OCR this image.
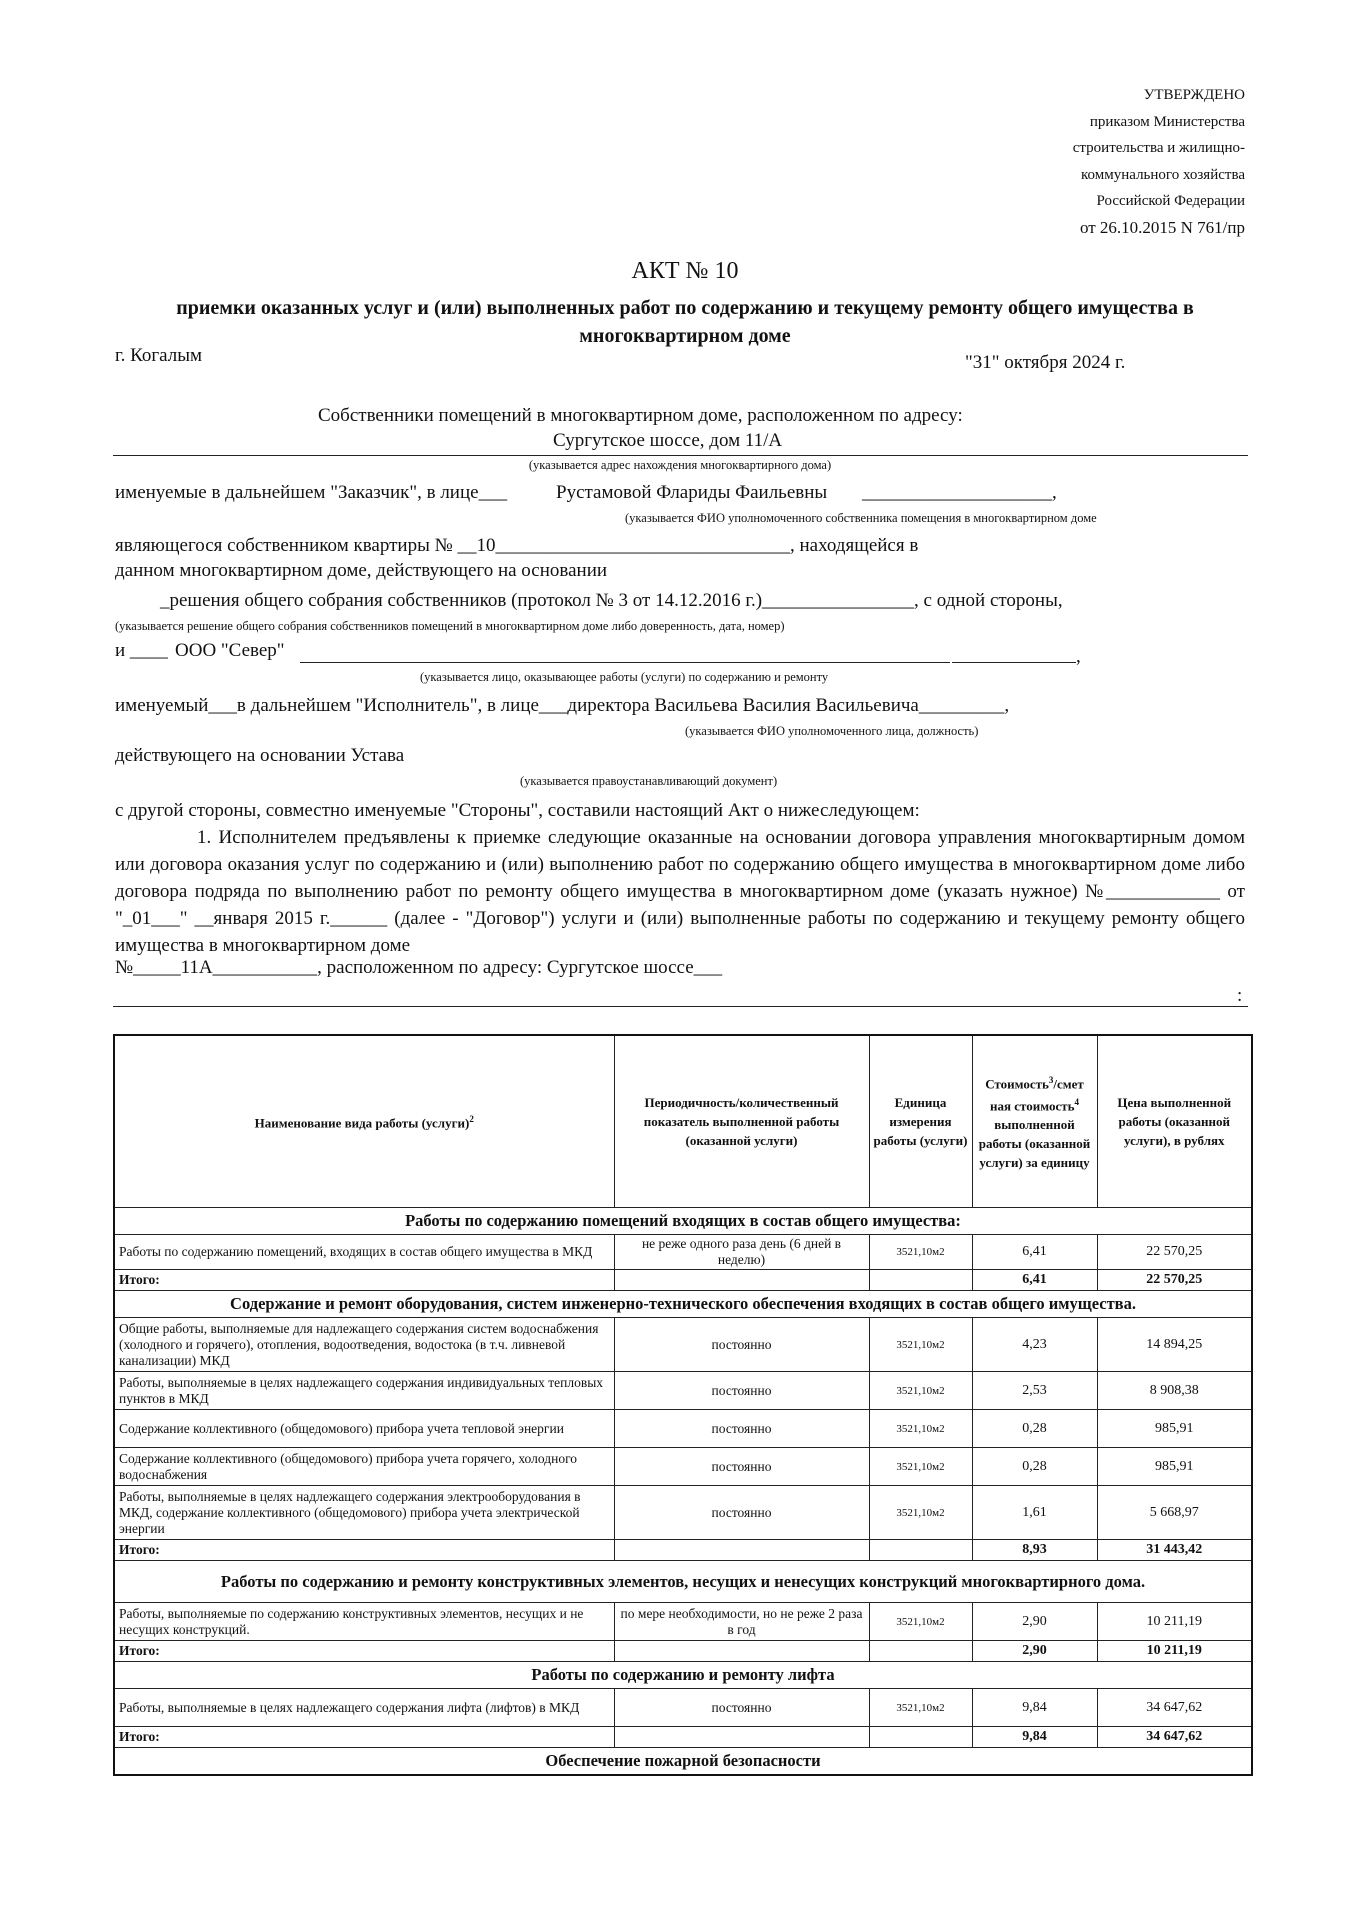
УТВЕРЖДЕНО
приказом Министерства
строительства и жилищно-
коммунального хозяйства
Российской Федерации
от 26.10.2015 N 761/пр
АКТ № 10
приемки оказанных услуг и (или) выполненных работ по содержанию и текущему ремонту общего имущества в многоквартирном доме
г. Когалым	"31" октября 2024 г.
Собственники помещений в многоквартирном доме, расположенном по адресу:
Сургутское шоссе, дом 11/А
(указывается адрес нахождения многоквартирного дома)
именуемые в дальнейшем "Заказчик", в лице___	Рустамовой Флариды Фаильевны ____________________,
(указывается ФИО уполномоченного собственника помещения в многоквартирном доме
являющегося собственником квартиры № __10_______________________________, находящейся в
данном многоквартирном доме, действующего на основании
_решения общего собрания собственников (протокол № 3 от 14.12.2016 г.)________________, с одной стороны,
(указывается решение общего собрания собственников помещений в многоквартирном доме либо доверенность, дата, номер)
и ____ ООО "Север"	,
(указывается лицо, оказывающее работы (услуги) по содержанию и ремонту
именуемый___в дальнейшем "Исполнитель", в лице___директора Васильева Василия Васильевича_________,
(указывается ФИО уполномоченного лица, должность)
действующего на основании Устава
(указывается правоустанавливающий документ)
с другой стороны, совместно именуемые "Стороны", составили настоящий Акт о нижеследующем:
1. Исполнителем предъявлены к приемке следующие оказанные на основании договора управления многоквартирным домом или договора оказания услуг по содержанию и (или) выполнению работ по содержанию общего имущества в многоквартирном доме либо договора подряда по выполнению работ по ремонту общего имущества в многоквартирном доме (указать нужное) №____________ от "_01___" __января 2015 г.______ (далее - "Договор") услуги и (или) выполненные работы по содержанию и текущему ремонту общего имущества в многоквартирном доме
№_____11А___________, расположенном по адресу: Сургутское шоссе___
:
Наименование вида работы (услуги)$^2$	Периодичность/количественный показатель выполненной работы (оказанной услуги)	Единица измерения работы (услуги)	Стоимость$^3$/смет ная стоимость$^4$ выполненной работы (оказанной услуги) за единицу	Цена выполненной работы (оказанной услуги), в рублях
Работы по содержанию помещений входящих в состав общего имущества:				
Работы по содержанию помещений, входящих в состав общего имущества в МКД	не реже одного раза день (6 дней в неделю)	3521,10м2	6,41	22 570,25
Итого:			6,41	22 570,25
Содержание и ремонт оборудования, систем инженерно-технического обеспечения входящих в состав общего имущества.				
Общие работы, выполняемые для надлежащего содержания систем водоснабжения (холодного и горячего), отопления, водоотведения, водостока (в т.ч. ливневой канализации) МКД	постоянно	3521,10м2	4,23	14 894,25
Работы, выполняемые в целях надлежащего содержания индивидуальных тепловых пунктов в МКД	постоянно	3521,10м2	2,53	8 908,38
Содержание коллективного (общедомового) прибора учета тепловой энергии	постоянно	3521,10м2	0,28	985,91
Содержание коллективного (общедомового) прибора учета горячего, холодного водоснабжения	постоянно	3521,10м2	0,28	985,91
Работы, выполняемые в целях надлежащего содержания электрооборудования в МКД, содержание коллективного (общедомового) прибора учета электрической энергии	постоянно	3521,10м2	1,61	5 668,97
Итого:			8,93	31 443,42
Работы по содержанию и ремонту конструктивных элементов, несущих и ненесущих конструкций многоквартирного дома.				
Работы, выполняемые по содержанию конструктивных элементов, несущих и не несущих конструкций.	по мере необходимости, но не реже 2 раза в год	3521,10м2	2,90	10 211,19
Итого:			2,90	10 211,19
Работы по содержанию и ремонту лифта				
Работы, выполняемые в целях надлежащего содержания лифта (лифтов) в МКД	постоянно	3521,10м2	9,84	34 647,62
Итого:			9,84	34 647,62
Обеспечение пожарной безопасности				
